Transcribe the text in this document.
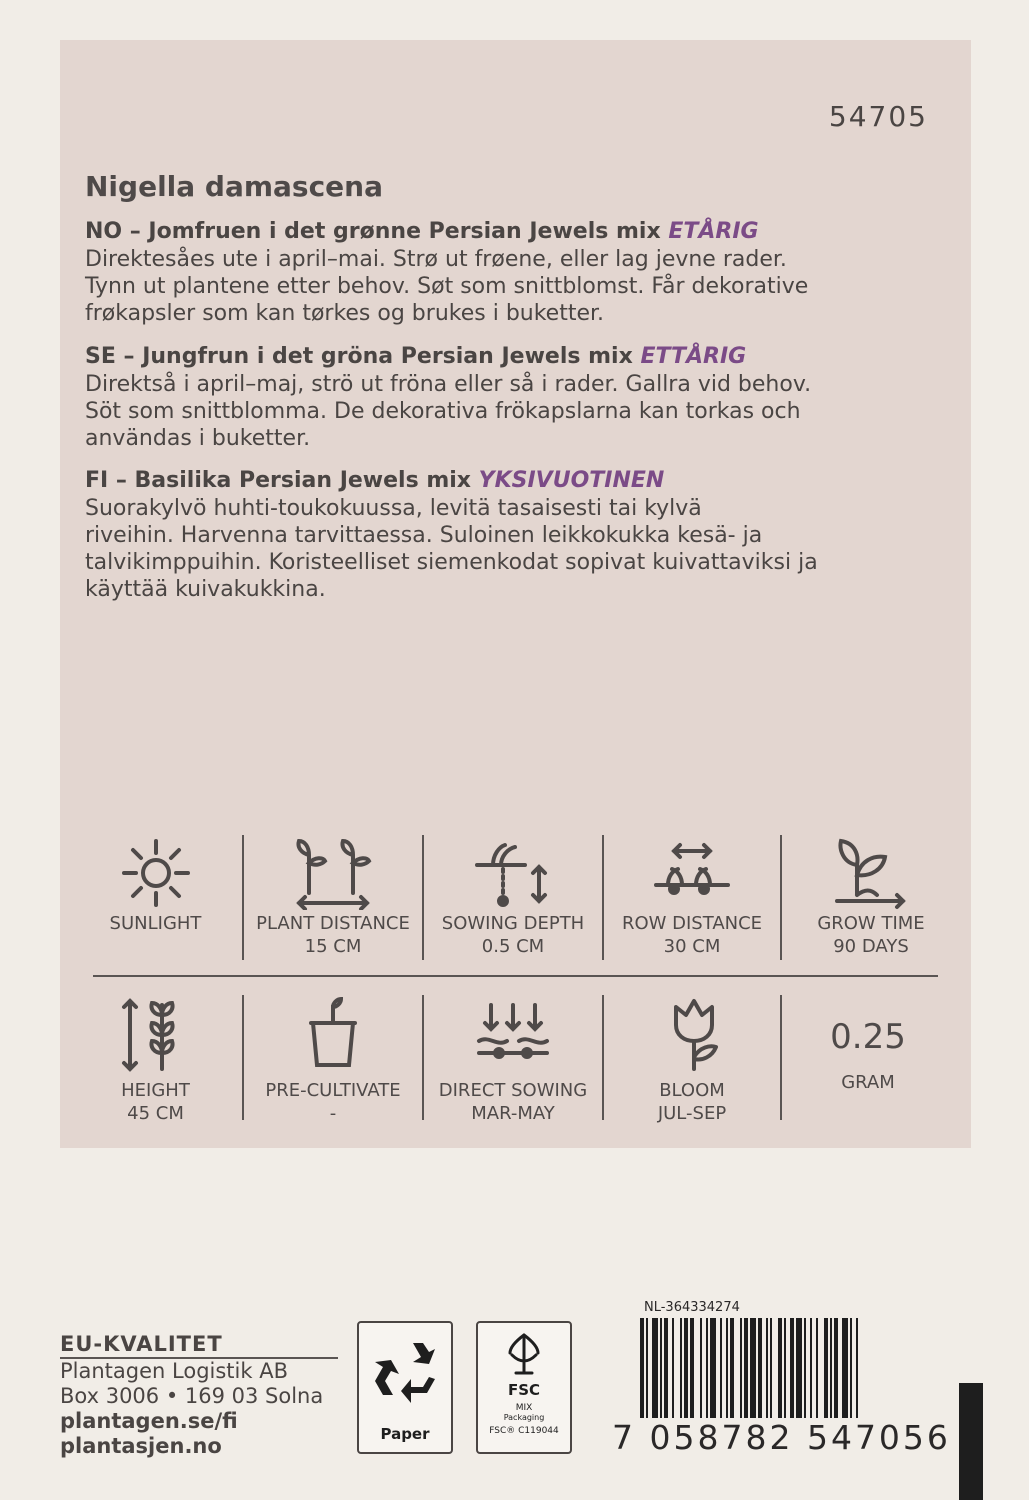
54705
Nigella damascena
NO – Jomfruen i det grønne Persian Jewels mix ETÅRIG
Direktesåes ute i april–mai. Strø ut frøene, eller lag jevne rader.
Tynn ut plantene etter behov. Søt som snittblomst. Får dekorative
frøkapsler som kan tørkes og brukes i buketter.
SE – Jungfrun i det gröna Persian Jewels mix ETTÅRIG
Direktså i april–maj, strö ut fröna eller så i rader. Gallra vid behov.
Söt som snittblomma. De dekorativa frökapslarna kan torkas och
användas i buketter.
FI – Basilika Persian Jewels mix YKSIVUOTINEN
Suorakylvö huhti-toukokuussa, levitä tasaisesti tai kylvä
riveihin. Harvenna tarvittaessa. Suloinen leikkokukka kesä- ja
talvikimppuihin. Koristeelliset siemenkodat sopivat kuivattaviksi ja
käyttää kuivakukkina.
SUNLIGHT	PLANT DISTANCE
15 CM
SOWING DEPTH
0.5 CM
ROW DISTANCE
30 CM
GROW TIME
90 DAYS
HEIGHT
45 CM
PRE-CULTIVATE
-
DIRECT SOWING
MAR-MAY
BLOOM
JUL-SEP
0.25
GRAM
EU-KVALITET
Plantagen Logistik AB
Box 3006 • 169 03 Solna
plantagen.se/fi
plantasjen.no	Paper
FSC
MIX
Packaging
FSC® C119044
NL-364334274
7 058782 547056
